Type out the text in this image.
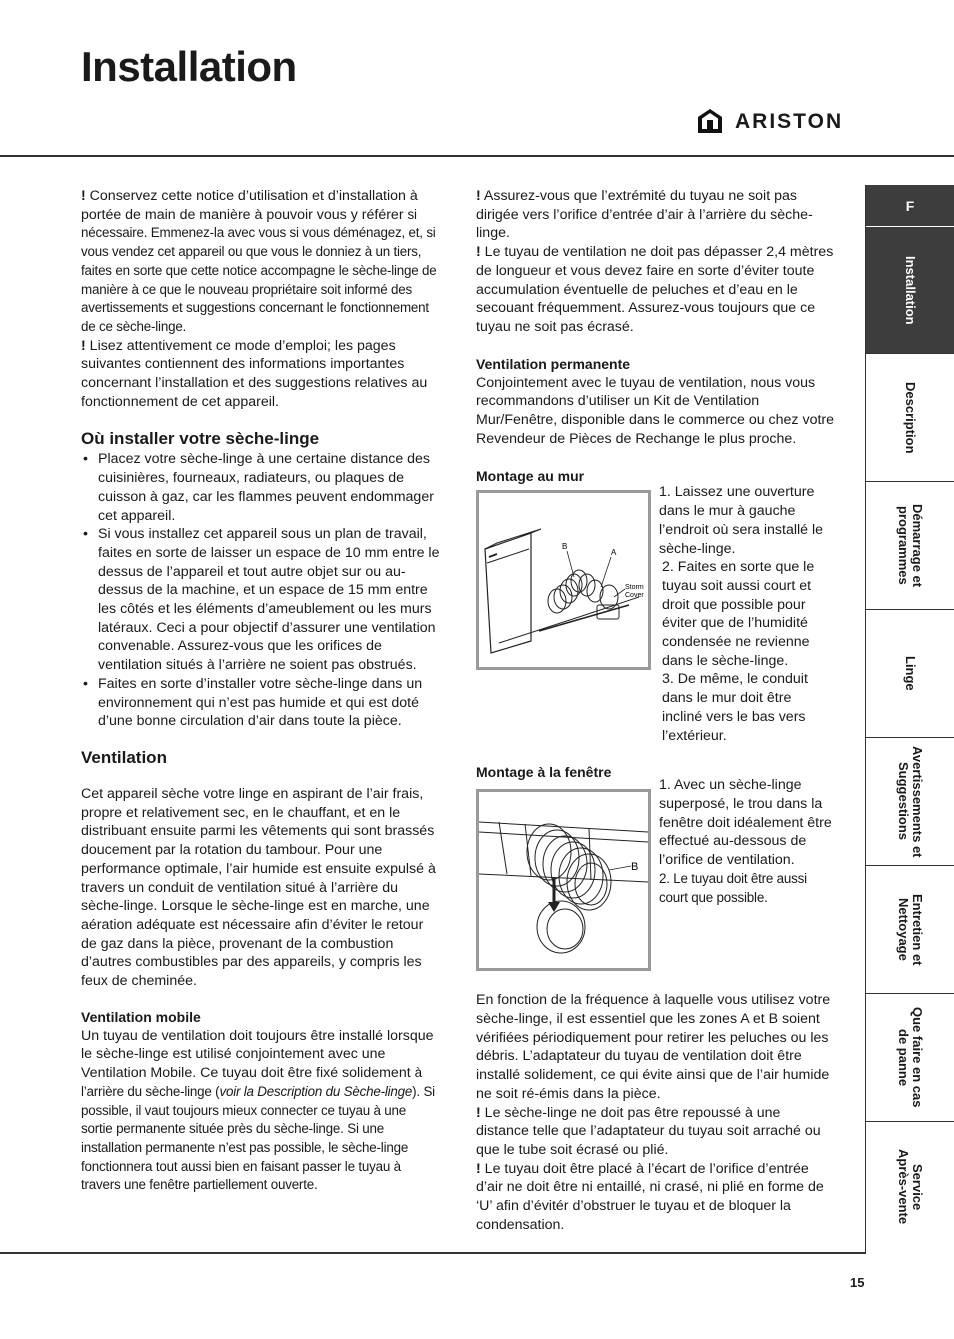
Installation
ARISTON

! Conservez cette notice d’utilisation et d’installation à portée de main de manière à pouvoir vous y référer si nécessaire. Emmenez-la avec vous si vous déménagez, et, si vous vendez cet appareil ou que vous le donniez à un tiers, faites en sorte que cette notice accompagne le sèche-linge de manière à ce que le nouveau propriétaire soit informé des avertissements et suggestions concernant le fonctionnement de ce sèche-linge.

! Lisez attentivement ce mode d’emploi; les pages suivantes contiennent des informations importantes concernant l’installation et des suggestions relatives au fonctionnement de cet appareil.

Où installer votre sèche-linge
• Placez votre sèche-linge à une certaine distance des cuisinières, fourneaux, radiateurs, ou plaques de cuisson à gaz, car les flammes peuvent endommager cet appareil.
• Si vous installez cet appareil sous un plan de travail, faites en sorte de laisser un espace de 10 mm entre le dessus de l’appareil et tout autre objet sur ou au-dessus de la machine, et un espace de 15 mm entre les côtés et les éléments d’ameublement ou les murs latéraux. Ceci a pour objectif d’assurer une ventilation convenable. Assurez-vous que les orifices de ventilation situés à l’arrière ne soient pas obstrués.
• Faites en sorte d’installer votre sèche-linge dans un environnement qui n’est pas humide et qui est doté d’une bonne circulation d’air dans toute la pièce.
Ventilation

Cet appareil sèche votre linge en aspirant de l’air frais, propre et relativement sec, en le chauffant, et en le distribuant ensuite parmi les vêtements qui sont brassés doucement par la rotation du tambour. Pour une performance optimale, l’air humide est ensuite expulsé à travers un conduit de ventilation situé à l’arrière du sèche-linge. Lorsque le sèche-linge est en marche, une aération adéquate est nécessaire afin d’éviter le retour de gaz dans la pièce, provenant de la combustion d’autres combustibles par des appareils, y compris les feux de cheminée.

Ventilation mobile

Un tuyau de ventilation doit toujours être installé lorsque le sèche-linge est utilisé conjointement avec une Ventilation Mobile. Ce tuyau doit être fixé solidement à l’arrière du sèche-linge (voir la Description du Sèche-linge). Si possible, il vaut toujours mieux connecter ce tuyau à une sortie permanente située près du sèche-linge. Si une installation permanente n’est pas possible, le sèche-linge fonctionnera tout aussi bien en faisant passer le tuyau à travers une fenêtre partiellement ouverte.

! Assurez-vous que l’extrémité du tuyau ne soit pas dirigée vers l’orifice d’entrée d’air à l’arrière du sèche-linge.

! Le tuyau de ventilation ne doit pas dépasser 2,4 mètres de longueur et vous devez faire en sorte d’éviter toute accumulation éventuelle de peluches et d’eau en le secouant fréquemment. Assurez-vous toujours que ce tuyau ne soit pas écrasé.

Ventilation permanente

Conjointement avec le tuyau de ventilation, nous vous recommandons d’utiliser un Kit de Ventilation Mur/Fenêtre, disponible dans le commerce ou chez votre Revendeur de Pièces de Rechange le plus proche.

Montage au mur
B
A
Storm
Cover

1. Laissez une ouverture dans le mur à gauche l’endroit où sera installé le sèche-linge.

2. Faites en sorte que le tuyau soit aussi court et droit que possible pour éviter que de l’humidité condensée ne revienne dans le sèche-linge.

3. De même, le conduit dans le mur doit être incliné vers le bas vers l’extérieur.

Montage à la fenêtre
B

1. Avec un sèche-linge superposé, le trou dans la fenêtre doit idéalement être effectué au-dessous de l’orifice de ventilation.

2. Le tuyau doit être aussi court que possible.

En fonction de la fréquence à laquelle vous utilisez votre sèche-linge, il est essentiel que les zones A et B soient vérifiées périodiquement pour retirer les peluches ou les débris. L’adaptateur du tuyau de ventilation doit être installé solidement, ce qui évite ainsi que de l’air humide ne soit ré-émis dans la pièce.

! Le sèche-linge ne doit pas être repoussé à une distance telle que l’adaptateur du tuyau soit arraché ou que le tube soit écrasé ou plié.

! Le tuyau doit être placé à l’écart de l’orifice d’entrée d’air ne doit être ni entaillé, ni crasé, ni plié en forme de ‘U’ afin d’évitér d’obstruer le tuyau et de bloquer la condensation.

F
Installation
Description
Démarrage et
programmes
Linge
Avertissements et
Suggestions
Entretien et
Nettoyage
Que faire en cas
de panne
Service
Après-vente
15
